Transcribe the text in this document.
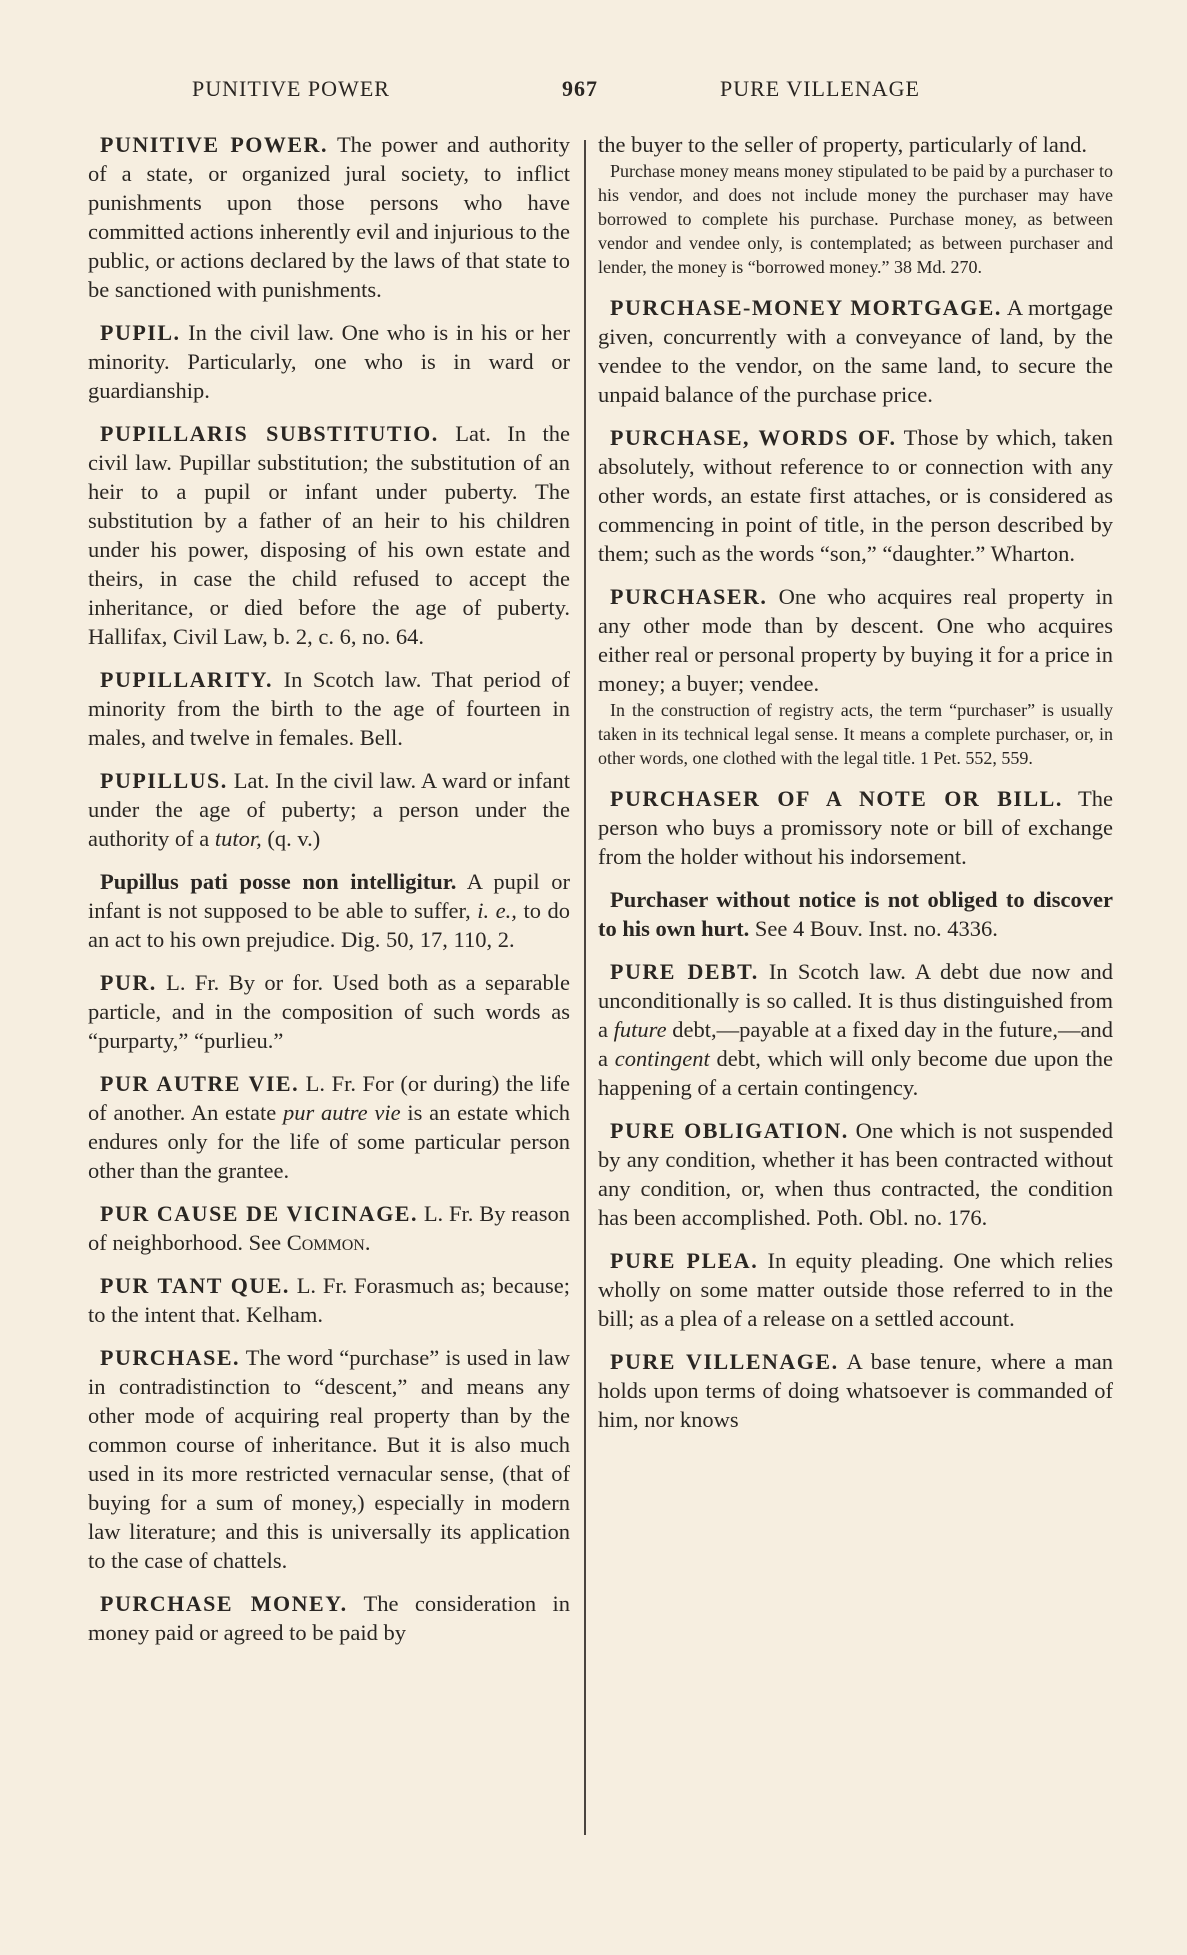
PUNITIVE POWER	967	PURE VILLENAGE

PUNITIVE POWER. The power and authority of a state, or organized jural society, to inflict punishments upon those persons who have committed actions inherently evil and injurious to the public, or actions declared by the laws of that state to be sanctioned with punishments.

PUPIL. In the civil law. One who is in his or her minority. Particularly, one who is in ward or guardianship.

PUPILLARIS SUBSTITUTIO. Lat. In the civil law. Pupillar substitution; the substitution of an heir to a pupil or infant under puberty. The substitution by a father of an heir to his children under his power, disposing of his own estate and theirs, in case the child refused to accept the inheritance, or died before the age of puberty. Hallifax, Civil Law, b. 2, c. 6, no. 64.

PUPILLARITY. In Scotch law. That period of minority from the birth to the age of fourteen in males, and twelve in females. Bell.

PUPILLUS. Lat. In the civil law. A ward or infant under the age of puberty; a person under the authority of a tutor, (q. v.)

Pupillus pati posse non intelligitur. A pupil or infant is not supposed to be able to suffer, i. e., to do an act to his own prejudice. Dig. 50, 17, 110, 2.

PUR. L. Fr. By or for. Used both as a separable particle, and in the composition of such words as “purparty,” “purlieu.”

PUR AUTRE VIE. L. Fr. For (or during) the life of another. An estate pur autre vie is an estate which endures only for the life of some particular person other than the grantee.

PUR CAUSE DE VICINAGE. L. Fr. By reason of neighborhood. See Common.

PUR TANT QUE. L. Fr. Forasmuch as; because; to the intent that. Kelham.

PURCHASE. The word “purchase” is used in law in contradistinction to “descent,” and means any other mode of acquiring real property than by the common course of inheritance. But it is also much used in its more restricted vernacular sense, (that of buying for a sum of money,) especially in modern law literature; and this is universally its application to the case of chattels.

PURCHASE MONEY. The consideration in money paid or agreed to be paid by

the buyer to the seller of property, particularly of land.

Purchase money means money stipulated to be paid by a purchaser to his vendor, and does not include money the purchaser may have borrowed to complete his purchase. Purchase money, as between vendor and vendee only, is contemplated; as between purchaser and lender, the money is “borrowed money.” 38 Md. 270.

PURCHASE-MONEY MORTGAGE. A mortgage given, concurrently with a conveyance of land, by the vendee to the vendor, on the same land, to secure the unpaid balance of the purchase price.

PURCHASE, WORDS OF. Those by which, taken absolutely, without reference to or connection with any other words, an estate first attaches, or is considered as commencing in point of title, in the person described by them; such as the words “son,” “daughter.” Wharton.

PURCHASER. One who acquires real property in any other mode than by descent. One who acquires either real or personal property by buying it for a price in money; a buyer; vendee.

In the construction of registry acts, the term “purchaser” is usually taken in its technical legal sense. It means a complete purchaser, or, in other words, one clothed with the legal title. 1 Pet. 552, 559.

PURCHASER OF A NOTE OR BILL. The person who buys a promissory note or bill of exchange from the holder without his indorsement.

Purchaser without notice is not obliged to discover to his own hurt. See 4 Bouv. Inst. no. 4336.

PURE DEBT. In Scotch law. A debt due now and unconditionally is so called. It is thus distinguished from a future debt,—payable at a fixed day in the future,—and a contingent debt, which will only become due upon the happening of a certain contingency.

PURE OBLIGATION. One which is not suspended by any condition, whether it has been contracted without any condition, or, when thus contracted, the condition has been accomplished. Poth. Obl. no. 176.

PURE PLEA. In equity pleading. One which relies wholly on some matter outside those referred to in the bill; as a plea of a release on a settled account.

PURE VILLENAGE. A base tenure, where a man holds upon terms of doing whatsoever is commanded of him, nor knows
